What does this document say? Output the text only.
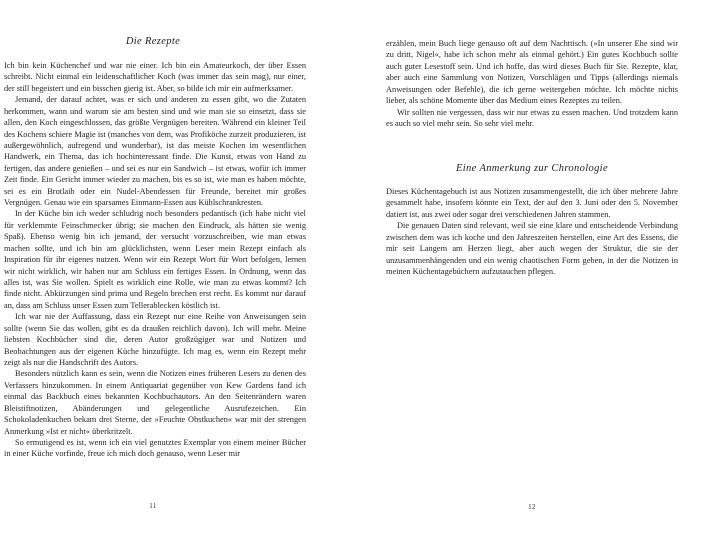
Die Rezepte

Ich bin kein Küchenchef und war nie einer. Ich bin ein Amateurkoch, der über Essen schreibt. Nicht einmal ein leidenschaftlicher Koch (was immer das sein mag), nur einer, der still begeistert und ein bisschen gierig ist. Aber, so bilde ich mir ein aufmerksamer.

Jemand, der darauf achtet, was er sich und anderen zu essen gibt, wo die Zutaten herkommen, wann und warum sie am besten sind und wie man sie so einsetzt, dass sie allen, den Koch eingeschlossen, das größte Vergnügen bereiten. Während ein kleiner Teil des Kochens schiere Magie ist (manches von dem, was Profiköche zurzeit produzieren, ist außergewöhnlich, aufregend und wunderbar), ist das meiste Kochen im wesentlichen Handwerk, ein Thema, das ich hochinteressant finde. Die Kunst, etwas von Hand zu fertigen, das andere genießen – und sei es nur ein Sandwich – ist etwas, wofür ich immer Zeit finde. Ein Gericht immer wieder zu machen, bis es so ist, wie man es haben möchte, sei es ein Brotlaib oder ein Nudel-Abendessen für Freunde, bereitet mir großes Vergnügen. Genau wie ein sparsames Einmann-Essen aus Kühlschrankresten.

In der Küche bin ich weder schludrig noch besonders pedantisch (ich habe nicht viel für verklemmte Feinschmecker übrig; sie machen den Eindruck, als hätten sie wenig Spaß). Ebenso wenig bin ich jemand, der versucht vorzuschreiben, wie man etwas machen sollte, und ich bin am glücklichsten, wenn Leser mein Rezept einfach als Inspiration für ihr eigenes nutzen. Wenn wir ein Rezept Wort für Wort befolgen, lernen wir nicht wirklich, wir haben nur am Schluss ein fertiges Essen. In Ordnung, wenn das alles ist, was Sie wollen. Spielt es wirklich eine Rolle, wie man zu etwas kommt? Ich finde nicht. Abkürzungen sind prima und Regeln brechen erst recht. Es kommt nur darauf an, dass am Schluss unser Essen zum Tellerablecken köstlich ist.

Ich war nie der Auffassung, dass ein Rezept nur eine Reihe von Anweisungen sein sollte (wenn Sie das wollen, gibt es da draußen reichlich davon). Ich will mehr. Meine liebsten Kochbücher sind die, deren Autor großzügiger war und Notizen und Beobachtungen aus der eigenen Küche hinzufügte. Ich mag es, wenn ein Rezept mehr zeigt als nur die Handschrift des Autors.

Besonders nützlich kann es sein, wenn die Notizen eines früheren Lesers zu denen des Verfassers hinzukommen. In einem Antiquariat gegenüber von Kew Gardens fand ich einmal das Backbuch eines bekannten Kochbuchautors. An den Seitenrändern waren Bleistiftnotizen, Abänderungen und gelegentliche Ausrufezeichen. Ein Schokoladenkuchen bekam drei Sterne, der »Feuchte Obstkuchen« war mit der strengen Anmerkung »Ist er nicht« überkritzelt.

So ermutigend es ist, wenn ich ein viel genutztes Exemplar von einem meiner Bücher in einer Küche vorfinde, freue ich mich doch genauso, wenn Leser mir

11

erzählen, mein Buch liege genauso oft auf dem Nachttisch. (»In unserer Ehe sind wir zu dritt, Nigel«, habe ich schon mehr als einmal gehört.) Ein gutes Kochbuch sollte auch guter Lesestoff sein. Und ich hoffe, das wird dieses Buch für Sie. Rezepte, klar, aber auch eine Sammlung von Notizen, Vorschlägen und Tipps (allerdings niemals Anweisungen oder Befehle), die ich gerne weitergeben möchte. Ich möchte nichts lieber, als schöne Momente über das Medium eines Rezeptes zu teilen.

Wir sollten nie vergessen, dass wir nur etwas zu essen machen. Und trotzdem kann es auch so viel mehr sein. So sehr viel mehr.

Eine Anmerkung zur Chronologie

Dieses Küchentagebuch ist aus Notizen zusammengestellt, die ich über mehrere Jahre gesammelt habe, insofern könnte ein Text, der auf den 3. Juni oder den 5. November datiert ist, aus zwei oder sogar drei verschiedenen Jahren stammen.

Die genauen Daten sind relevant, weil sie eine klare und entscheidende Verbindung zwischen dem was ich koche und den Jahreszeiten herstellen, eine Art des Essens, die mir seit Langem am Herzen liegt, aber auch wegen der Struktur, die sie der unzusammenhängenden und ein wenig chaotischen Form geben, in der die Notizen in meinen Küchentagebüchern aufzutauchen pflegen.

12
